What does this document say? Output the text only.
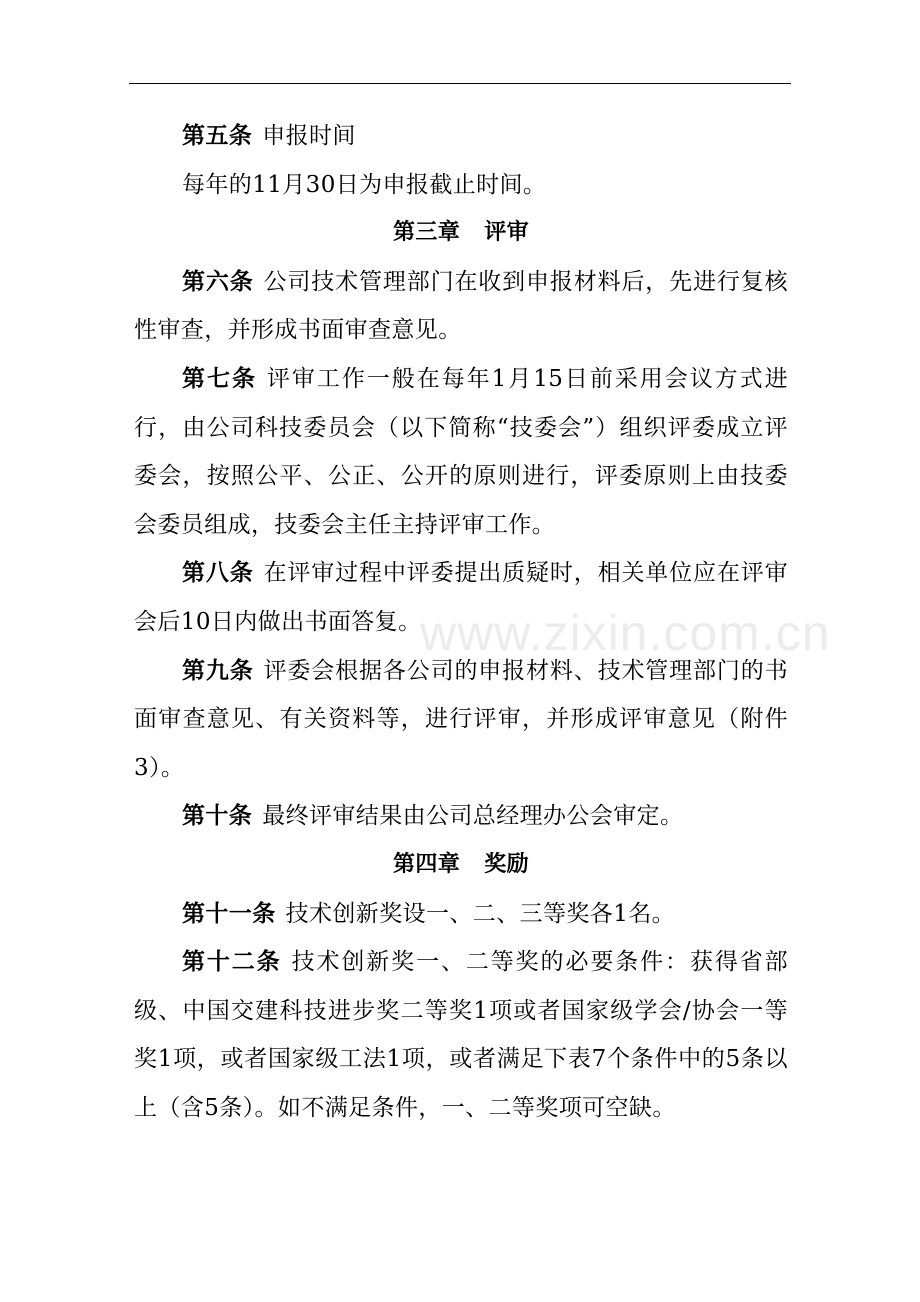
www.zixin.com.cn

第五条 申报时间

每年的11月30日为申报截止时间。

第三章 评审

第六条 公司技术管理部门在收到申报材料后，先进行复核性审查，并形成书面审查意见。

第七条 评审工作一般在每年1月15日前采用会议方式进行，由公司科技委员会（以下简称“技委会”）组织评委成立评委会，按照公平、公正、公开的原则进行，评委原则上由技委会委员组成，技委会主任主持评审工作。

第八条 在评审过程中评委提出质疑时，相关单位应在评审会后10日内做出书面答复。

第九条 评委会根据各公司的申报材料、技术管理部门的书面审查意见、有关资料等，进行评审，并形成评审意见（附件3）。

第十条 最终评审结果由公司总经理办公会审定。

第四章 奖励

第十一条 技术创新奖设一、二、三等奖各1名。

第十二条 技术创新奖一、二等奖的必要条件：获得省部级、中国交建科技进步奖二等奖1项或者国家级学会/协会一等奖1项，或者国家级工法1项，或者满足下表7个条件中的5条以上（含5条）。如不满足条件，一、二等奖项可空缺。
